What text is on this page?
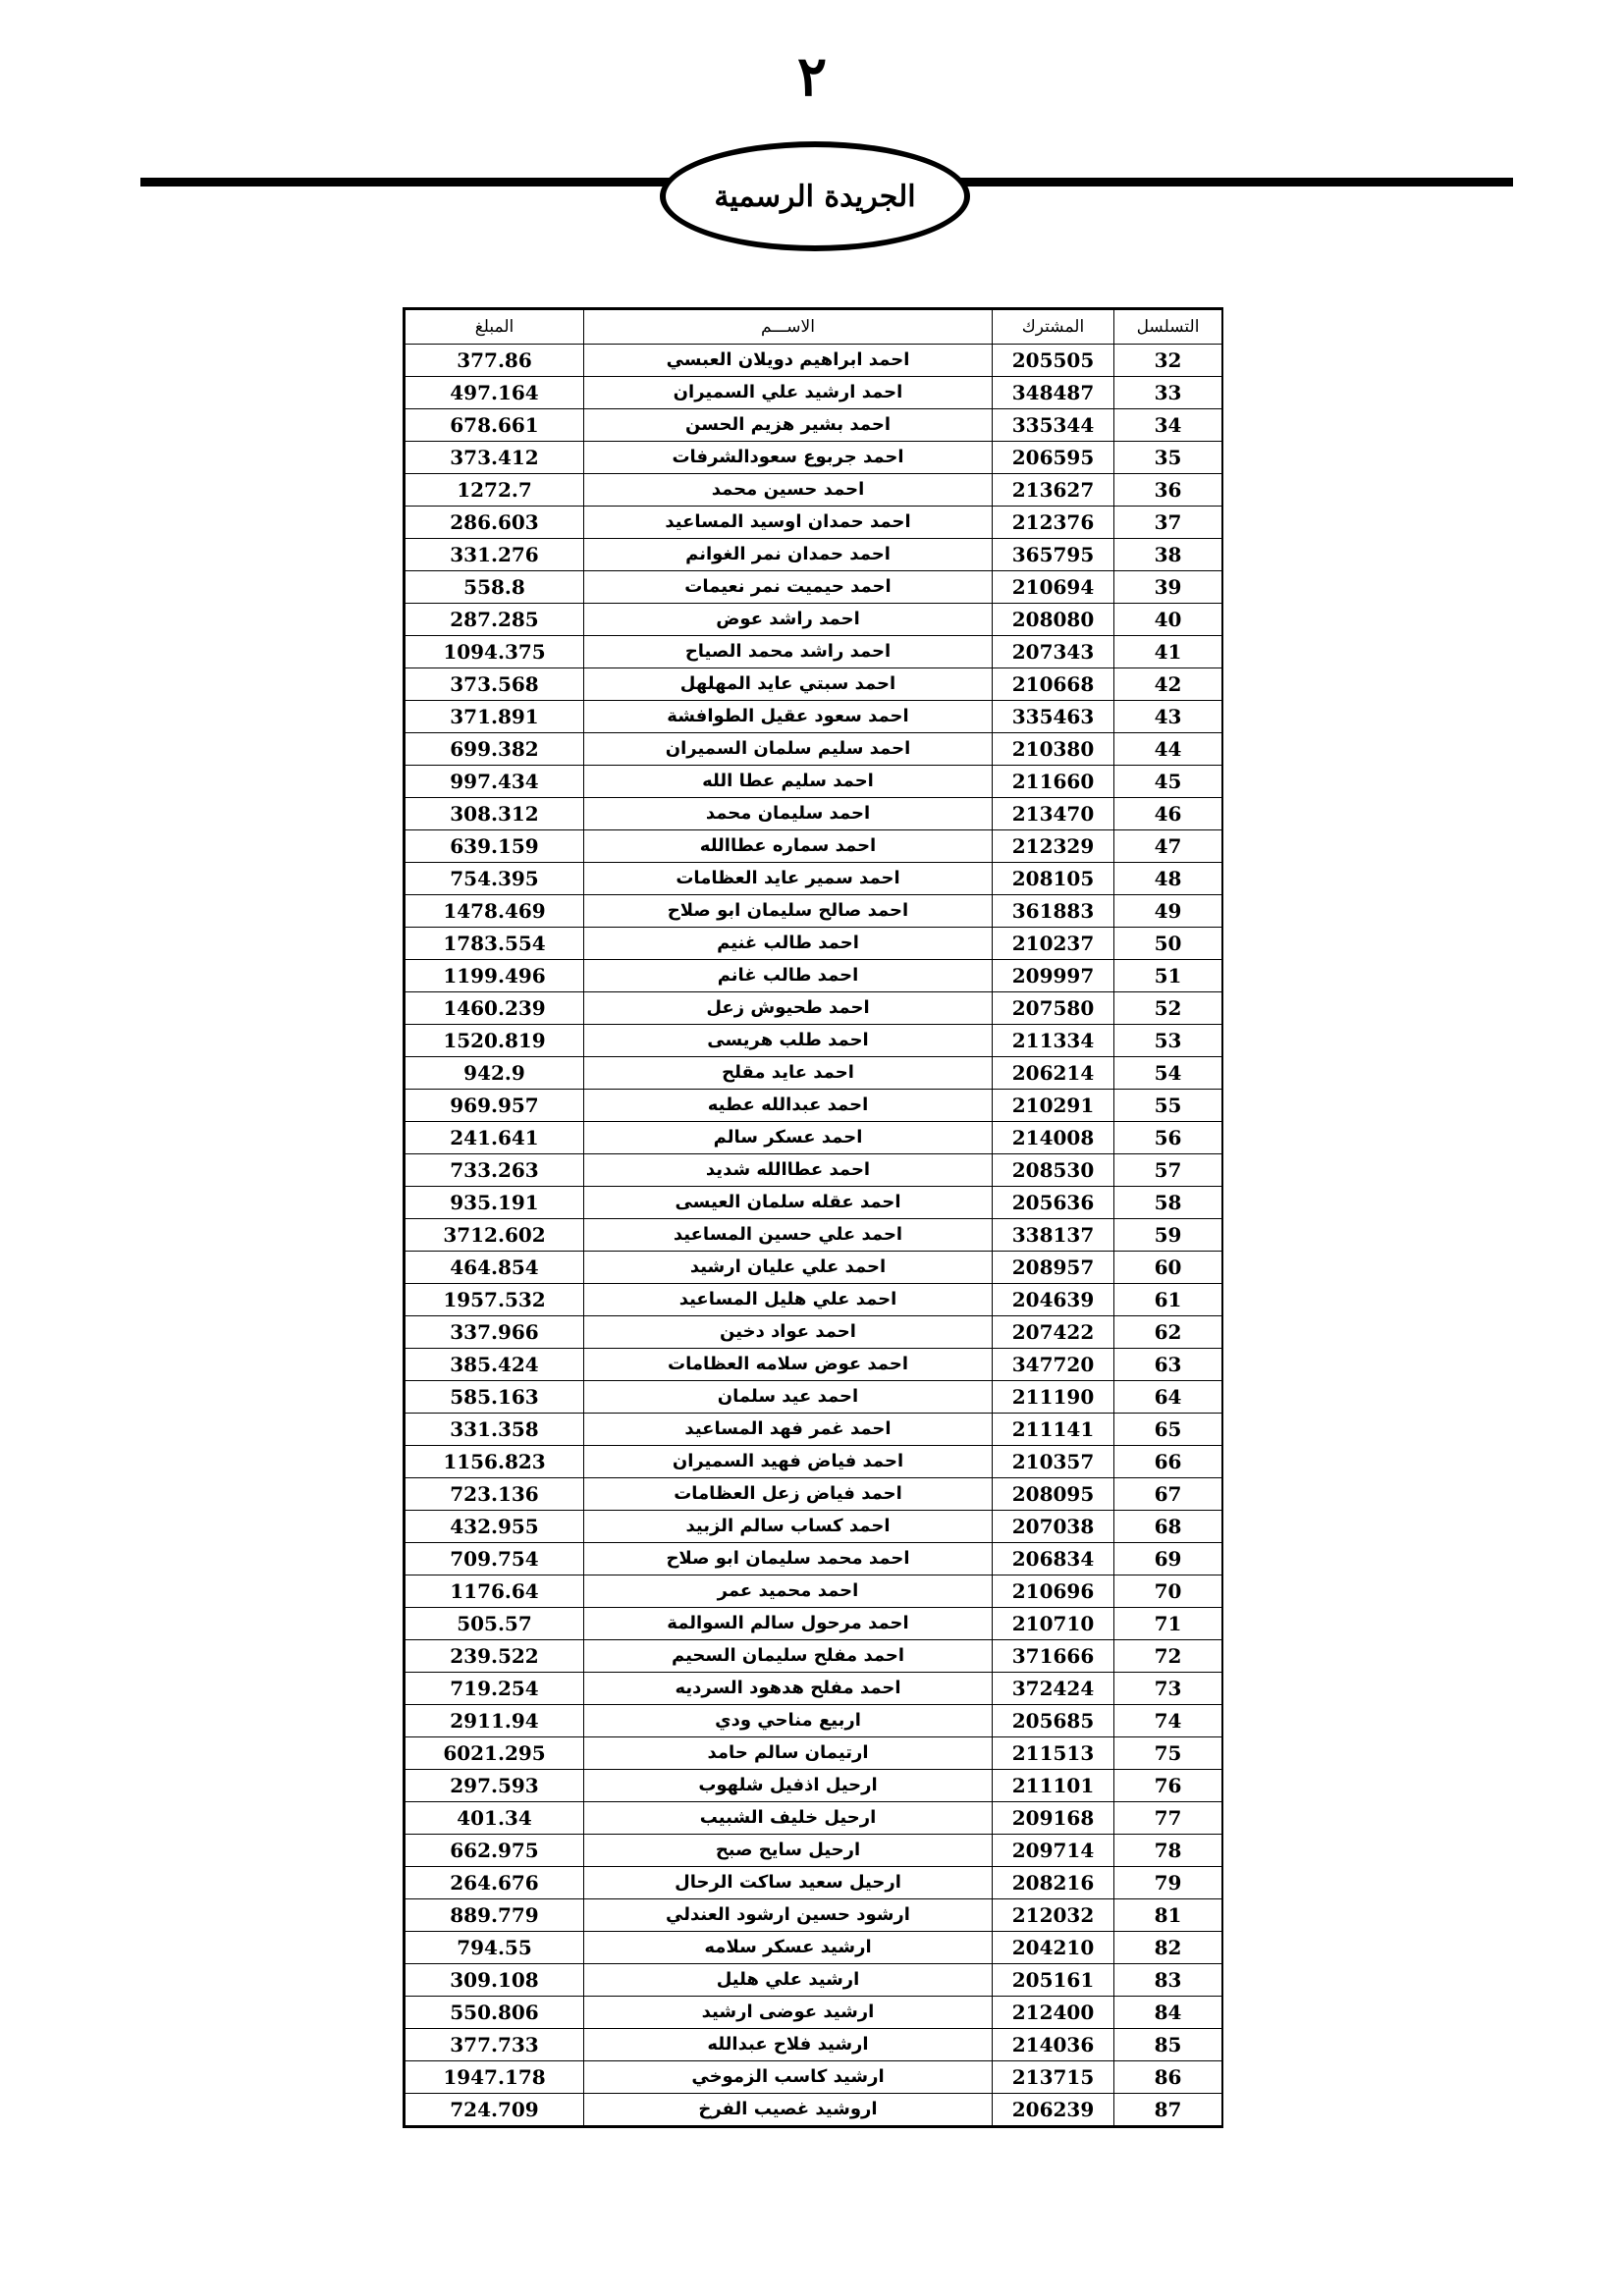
٢
الجريدة الرسمية
التسلسل	المشترك	الاســـم	المبلغ
32	205505	احمد ابراهيم دويلان العبسي	377.86
33	348487	احمد ارشيد علي السميران	497.164
34	335344	احمد بشير هزيم الحسن	678.661
35	206595	احمد جربوع سعودالشرفات	373.412
36	213627	احمد حسين محمد	1272.7
37	212376	احمد حمدان اوسيد المساعيد	286.603
38	365795	احمد حمدان نمر الغوانم	331.276
39	210694	احمد حيميت نمر نعيمات	558.8
40	208080	احمد راشد عوض	287.285
41	207343	احمد راشد محمد الصياح	1094.375
42	210668	احمد سبتي عايد المهلهل	373.568
43	335463	احمد سعود عقيل الطوافشة	371.891
44	210380	احمد سليم سلمان السميران	699.382
45	211660	احمد سليم عطا الله	997.434
46	213470	احمد سليمان محمد	308.312
47	212329	احمد سماره عطاالله	639.159
48	208105	احمد سمير عايد العظامات	754.395
49	361883	احمد صالح سليمان ابو صلاح	1478.469
50	210237	احمد طالب غنيم	1783.554
51	209997	احمد طالب غانم	1199.496
52	207580	احمد طحيوش زعل	1460.239
53	211334	احمد طلب هريسى	1520.819
54	206214	احمد عايد مقلح	942.9
55	210291	احمد عبدالله عطيه	969.957
56	214008	احمد عسكر سالم	241.641
57	208530	احمد عطاالله شديد	733.263
58	205636	احمد عقله سلمان العيسى	935.191
59	338137	احمد علي حسين المساعيد	3712.602
60	208957	احمد علي عليان ارشيد	464.854
61	204639	احمد علي هليل المساعيد	1957.532
62	207422	احمد عواد دخين	337.966
63	347720	احمد عوض سلامه العظامات	385.424
64	211190	احمد عيد سلمان	585.163
65	211141	احمد غمر فهد المساعيد	331.358
66	210357	احمد فياض فهيد السميران	1156.823
67	208095	احمد فياض زعل العظامات	723.136
68	207038	احمد كساب سالم الزبيد	432.955
69	206834	احمد محمد سليمان ابو صلاح	709.754
70	210696	احمد محميد عمر	1176.64
71	210710	احمد مرحول سالم السوالمة	505.57
72	371666	احمد مفلح سليمان السحيم	239.522
73	372424	احمد مفلح هدهود السرديه	719.254
74	205685	اربيع مناحي ودي	2911.94
75	211513	ارتيمان سالم حامد	6021.295
76	211101	ارحيل اذفيل شلهوب	297.593
77	209168	ارحيل خليف الشبيب	401.34
78	209714	ارحيل سايح صبح	662.975
79	208216	ارحيل سعيد ساكت الرحال	264.676
81	212032	ارشود حسين ارشود العندلي	889.779
82	204210	ارشيد عسكر سلامه	794.55
83	205161	ارشيد علي هليل	309.108
84	212400	ارشيد عوضى ارشيد	550.806
85	214036	ارشيد فلاح عبدالله	377.733
86	213715	ارشيد كاسب الزموخي	1947.178
87	206239	اروشيد غصيب الفرخ	724.709
